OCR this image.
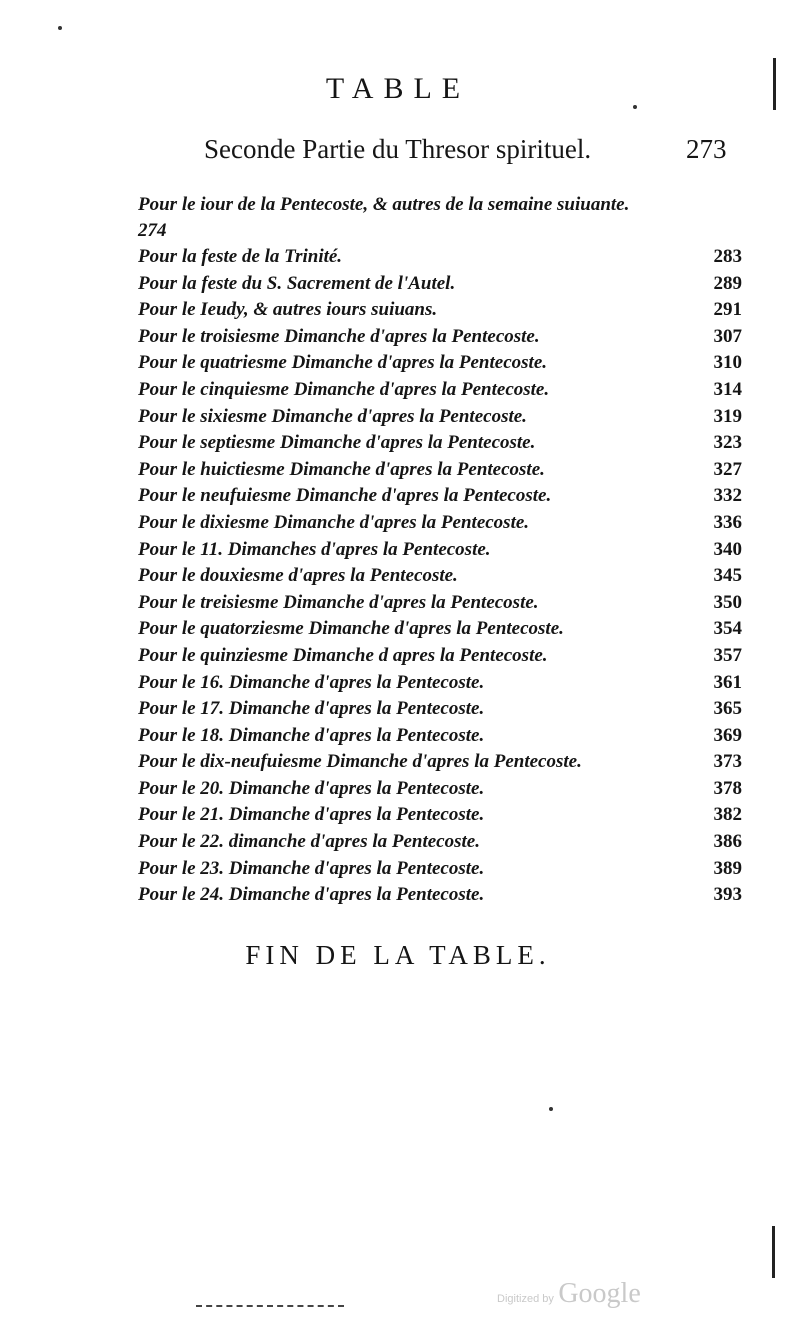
TABLE
Seconde Partie du Thresor spirituel.	273
Pour le iour de la Pentecoste, & autres de la semaine suiuante.
274
Pour la feste de la Trinité.	283
Pour la feste du S. Sacrement de l'Autel.	289
Pour le Ieudy, & autres iours suiuans.	291
Pour le troisiesme Dimanche d'apres la Pentecoste.	307
Pour le quatriesme Dimanche d'apres la Pentecoste.	310
Pour le cinquiesme Dimanche d'apres la Pentecoste.	314
Pour le sixiesme Dimanche d'apres la Pentecoste.	319
Pour le septiesme Dimanche d'apres la Pentecoste.	323
Pour le huictiesme Dimanche d'apres la Pentecoste.	327
Pour le neufuiesme Dimanche d'apres la Pentecoste.	332
Pour le dixiesme Dimanche d'apres la Pentecoste.	336
Pour le 11. Dimanches d'apres la Pentecoste.	340
Pour le douxiesme d'apres la Pentecoste.	345
Pour le treisiesme Dimanche d'apres la Pentecoste.	350
Pour le quatorziesme Dimanche d'apres la Pentecoste.	354
Pour le quinziesme Dimanche d apres la Pentecoste.	357
Pour le 16. Dimanche d'apres la Pentecoste.	361
Pour le 17. Dimanche d'apres la Pentecoste.	365
Pour le 18. Dimanche d'apres la Pentecoste.	369
Pour le dix-neufuiesme Dimanche d'apres la Pentecoste.	373
Pour le 20. Dimanche d'apres la Pentecoste.	378
Pour le 21. Dimanche d'apres la Pentecoste.	382
Pour le 22. dimanche d'apres la Pentecoste.	386
Pour le 23. Dimanche d'apres la Pentecoste.	389
Pour le 24. Dimanche d'apres la Pentecoste.	393
FIN DE LA TABLE.
Digitized by Google
